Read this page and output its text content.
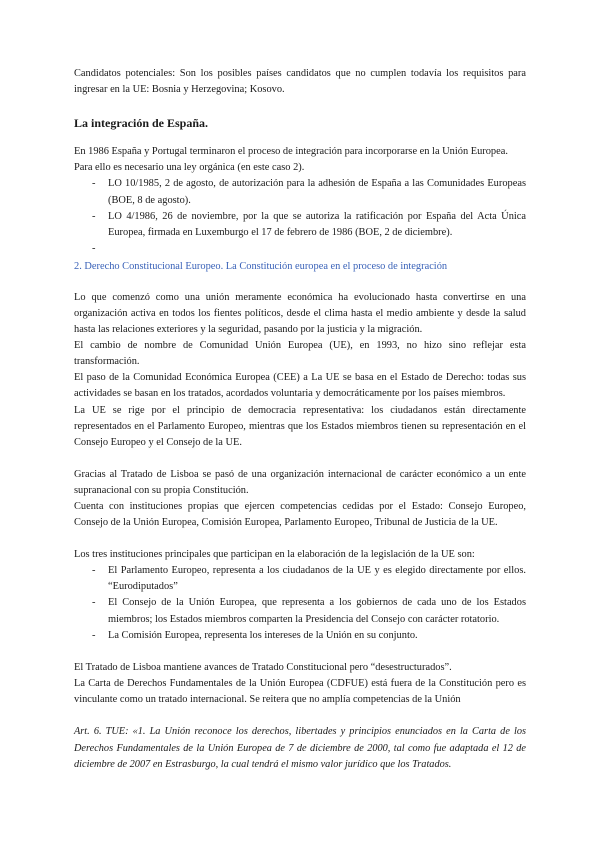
Candidatos potenciales: Son los posibles países candidatos que no cumplen todavía los requisitos para ingresar en la UE: Bosnia y Herzegovina; Kosovo.

La integración de España.

En 1986 España y Portugal terminaron el proceso de integración para incorporarse en la Unión Europea.

Para ello es necesario una ley orgánica (en este caso 2).

- LO 10/1985, 2 de agosto, de autorización para la adhesión de España a las Comunidades Europeas (BOE, 8 de agosto).
- LO 4/1986, 26 de noviembre, por la que se autoriza la ratificación por España del Acta Única Europea, firmada en Luxemburgo el 17 de febrero de 1986 (BOE, 2 de diciembre).
-

2. Derecho Constitucional Europeo. La Constitución europea en el proceso de integración

Lo que comenzó como una unión meramente económica ha evolucionado hasta convertirse en una organización activa en todos los fientes políticos, desde el clima hasta el medio ambiente y desde la salud hasta las relaciones exteriores y la seguridad, pasando por la justicia y la migración.

El cambio de nombre de Comunidad Unión Europea (UE), en 1993, no hizo sino reflejar esta transformación.

El paso de la Comunidad Económica Europea (CEE) a La UE se basa en el Estado de Derecho: todas sus actividades se basan en los tratados, acordados voluntaria y democráticamente por los países miembros.

La UE se rige por el principio de democracia representativa: los ciudadanos están directamente representados en el Parlamento Europeo, mientras que los Estados miembros tienen su representación en el Consejo Europeo y el Consejo de la UE.

Gracias al Tratado de Lisboa se pasó de una organización internacional de carácter económico a un ente supranacional con su propia Constitución.

Cuenta con instituciones propias que ejercen competencias cedidas por el Estado: Consejo Europeo, Consejo de la Unión Europea, Comisión Europea, Parlamento Europeo, Tribunal de Justicia de la UE.

Los tres instituciones principales que participan en la elaboración de la legislación de la UE son:

- El Parlamento Europeo, representa a los ciudadanos de la UE y es elegido directamente por ellos. “Eurodiputados”
- El Consejo de la Unión Europea, que representa a los gobiernos de cada uno de los Estados miembros; los Estados miembros comparten la Presidencia del Consejo con carácter rotatorio.
- La Comisión Europea, representa los intereses de la Unión en su conjunto.

El Tratado de Lisboa mantiene avances de Tratado Constitucional pero “desestructurados”.

La Carta de Derechos Fundamentales de la Unión Europea (CDFUE) está fuera de la Constitución pero es vinculante como un tratado internacional. Se reitera que no amplía competencias de la Unión

Art. 6. TUE: «1. La Unión reconoce los derechos, libertades y principios enunciados en la Carta de los Derechos Fundamentales de la Unión Europea de 7 de diciembre de 2000, tal como fue adaptada el 12 de diciembre de 2007 en Estrasburgo, la cual tendrá el mismo valor jurídico que los Tratados.
